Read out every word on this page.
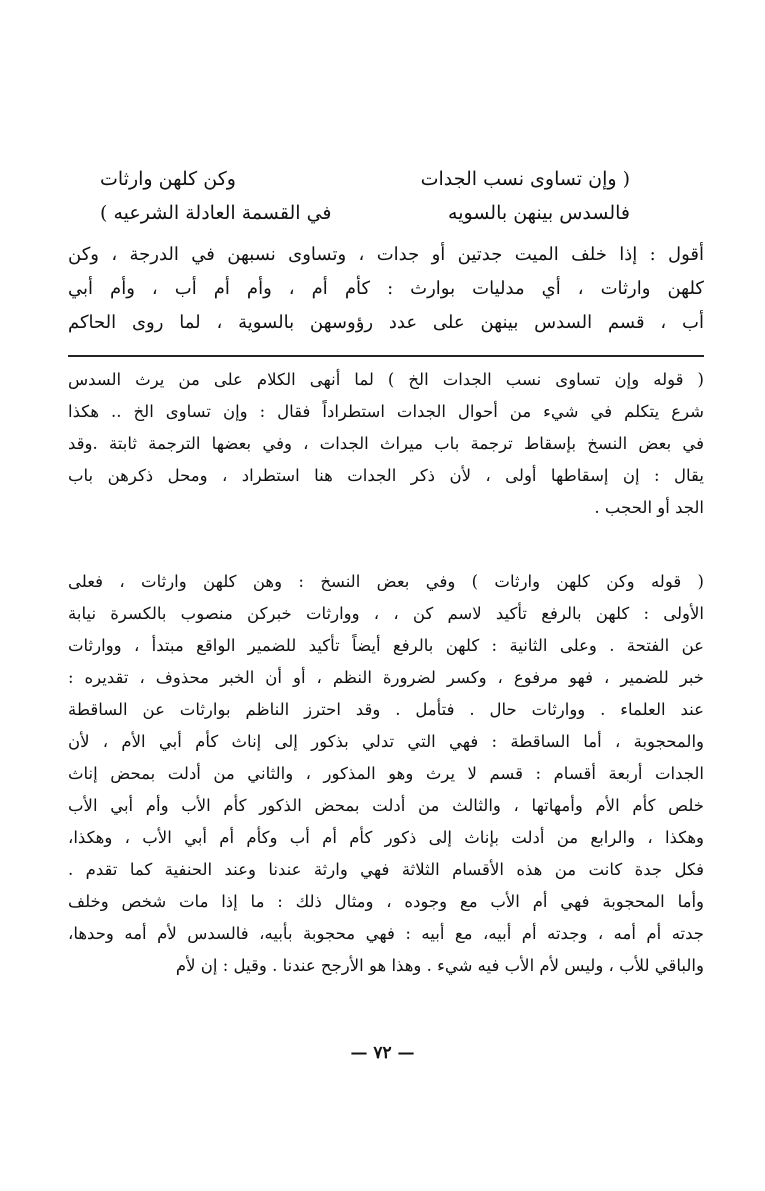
( وإن تساوى نسب الجدات
وكن كلهن وارثات
فالسدس بينهن بالسويه
في القسمة العادلة الشرعيه )
أقول : إذا خلف الميت جدتين أو جدات ، وتساوى نسبهن في الدرجة ، وكن
كلهن وارثات ، أي مدليات بوارث : كأم أم ، وأم أم أب ، وأم أبي
أب ، قسم السدس بينهن على عدد رؤوسهن بالسوية ، لما روى الحاكم
( قوله وإن تساوى نسب الجدات الخ ) لما أنهى الكلام على من يرث السدس
شرع يتكلم في شيء من أحوال الجدات استطراداً فقال : وإن تساوى الخ .. هكذا
في بعض النسخ بإسقاط ترجمة باب ميراث الجدات ، وفي بعضها الترجمة ثابتة .وقد
يقال : إن إسقاطها أولى ، لأن ذكر الجدات هنا استطراد ، ومحل ذكرهن باب
الجد أو الحجب .
( قوله وكن كلهن وارثات ) وفي بعض النسخ : وهن كلهن وارثات ، فعلى
الأولى : كلهن بالرفع تأكيد لاسم كن ، ، ووارثات خبركن منصوب بالكسرة نيابة
عن الفتحة . وعلى الثانية : كلهن بالرفع أيضاً تأكيد للضمير الواقع مبتدأ ، ووارثات
خبر للضمير ، فهو مرفوع ، وكسر لضرورة النظم ، أو أن الخبر محذوف ، تقديره :
عند العلماء . ووارثات حال . فتأمل . وقد احترز الناظم بوارثات عن الساقطة
والمحجوبة ، أما الساقطة : فهي التي تدلي بذكور إلى إناث كأم أبي الأم ، لأن
الجدات أربعة أقسام : قسم لا يرث وهو المذكور ، والثاني من أدلت بمحض إناث
خلص كأم الأم وأمهاتها ، والثالث من أدلت بمحض الذكور كأم الأب وأم أبي الأب
وهكذا ، والرابع من أدلت بإناث إلى ذكور كأم أم أب وكأم أم أبي الأب ، وهكذا،
فكل جدة كانت من هذه الأقسام الثلاثة فهي وارثة عندنا وعند الحنفية كما تقدم .
وأما المحجوبة فهي أم الأب مع وجوده ، ومثال ذلك : ما إذا مات شخص وخلف
جدته أم أمه ، وجدته أم أبيه، مع أبيه : فهي محجوبة بأبيه، فالسدس لأم أمه وحدها،
والباقي للأب ، وليس لأم الأب فيه شيء . وهذا هو الأرجح عندنا . وقيل : إن لأم
— ٧٢ —
